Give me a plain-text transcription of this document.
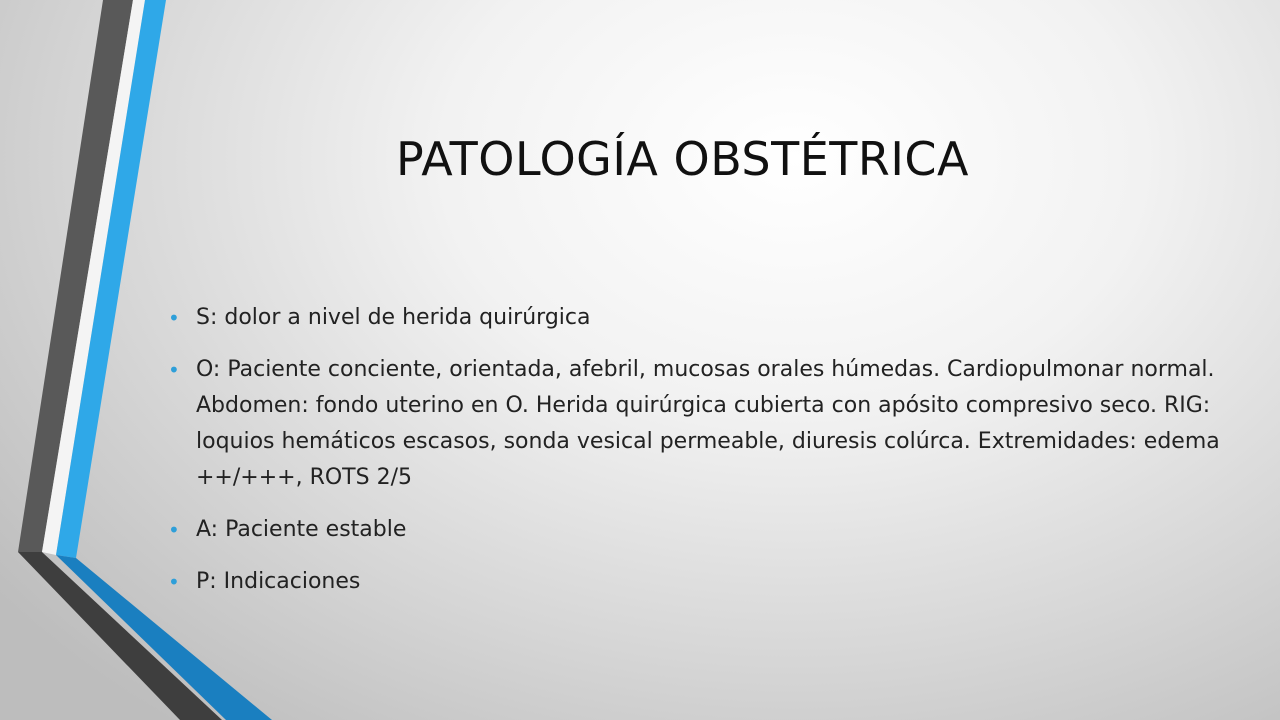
PATOLOGÍA OBSTÉTRICA
• S: dolor a nivel de herida quirúrgica
• O: Paciente conciente, orientada, afebril, mucosas orales húmedas. Cardiopulmonar normal. Abdomen: fondo uterino en O. Herida quirúrgica cubierta con apósito compresivo seco. RIG: loquios hemáticos escasos, sonda vesical permeable, diuresis colúrca. Extremidades: edema ++/+++, ROTS 2/5
• A: Paciente estable
• P: Indicaciones
